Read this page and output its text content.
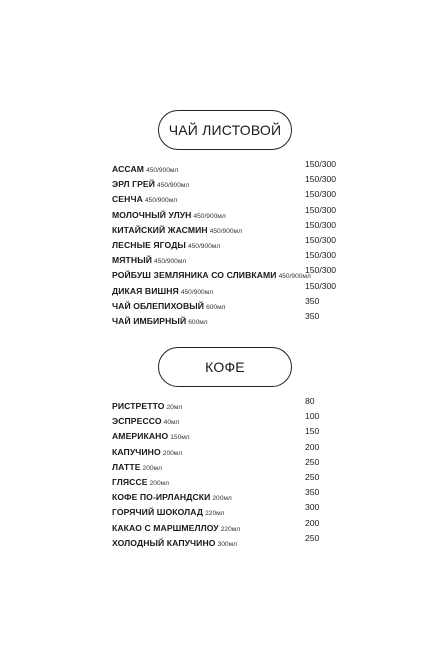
ЧАЙ ЛИСТОВОЙ
АССАМ 450/900мл
150/300
ЭРЛ ГРЕЙ 450/900мл
150/300
СЕНЧА 450/900мл
150/300
МОЛОЧНЫЙ УЛУН 450/900мл
150/300
КИТАЙСКИЙ ЖАСМИН 450/900мл
150/300
ЛЕСНЫЕ ЯГОДЫ 450/900мл
150/300
МЯТНЫЙ 450/900мл
150/300
РОЙБУШ ЗЕМЛЯНИКА СО СЛИВКАМИ 450/900мл
150/300
ДИКАЯ ВИШНЯ 450/900мл
150/300
ЧАЙ ОБЛЕПИХОВЫЙ 600мл
350
ЧАЙ ИМБИРНЫЙ 600мл
350
КОФЕ
РИСТРЕТТО 20мл
80
ЭСПРЕССО 40мл
100
АМЕРИКАНО 150мл
150
КАПУЧИНО 200мл
200
ЛАТТЕ 200мл
250
ГЛЯССЕ 200мл
250
КОФЕ ПО-ИРЛАНДСКИ 200мл
350
ГОРЯЧИЙ ШОКОЛАД 220мл
300
КАКАО С МАРШМЕЛЛОУ 220мл
200
ХОЛОДНЫЙ КАПУЧИНО 300мл
250
